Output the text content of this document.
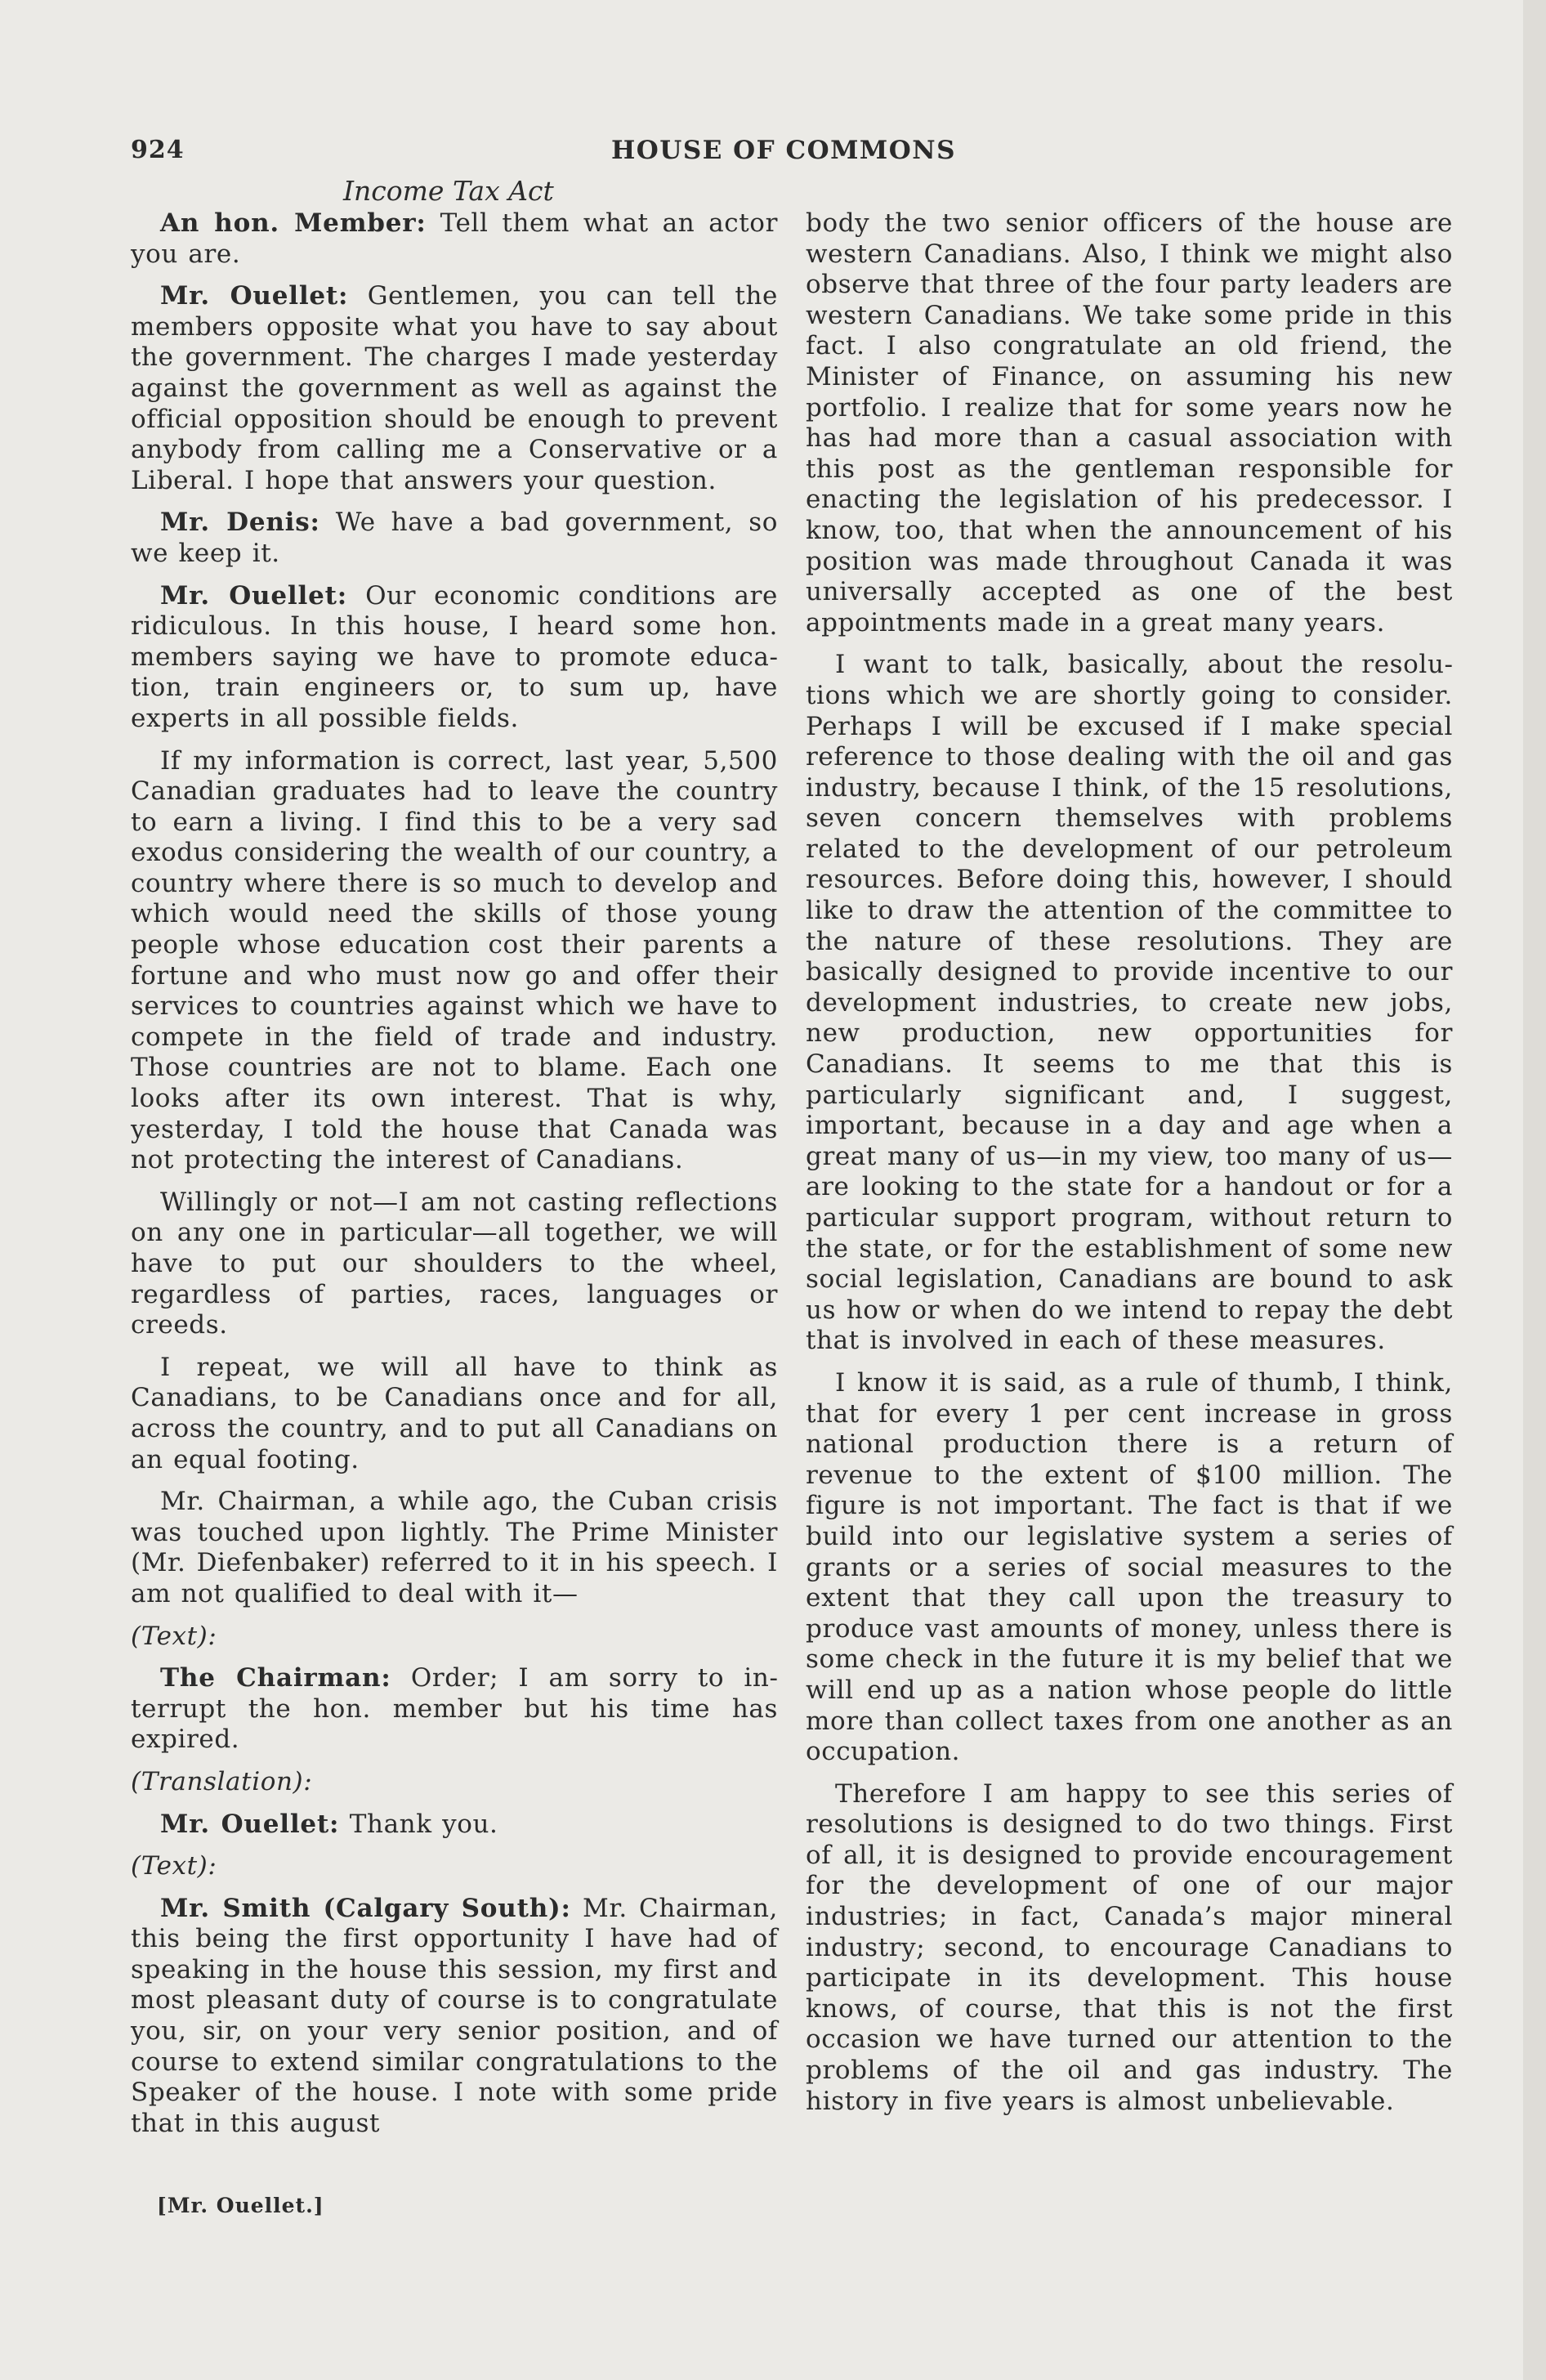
924	HOUSE OF COMMONS
Income Tax Act

An hon. Member: Tell them what an actor you are.

Mr. Ouellet: Gentlemen, you can tell the members opposite what you have to say about the government. The charges I made yesterday against the government as well as against the official opposition should be enough to prevent anybody from calling me a Conservative or a Liberal. I hope that answers your question.

Mr. Denis: We have a bad government, so we keep it.

Mr. Ouellet: Our economic conditions are ridiculous. In this house, I heard some hon. members saying we have to promote education, train engineers or, to sum up, have experts in all possible fields.

If my information is correct, last year, 5,500 Canadian graduates had to leave the country to earn a living. I find this to be a very sad exodus considering the wealth of our country, a country where there is so much to develop and which would need the skills of those young people whose education cost their parents a fortune and who must now go and offer their services to countries against which we have to compete in the field of trade and industry. Those countries are not to blame. Each one looks after its own interest. That is why, yesterday, I told the house that Canada was not protecting the interest of Canadians.

Willingly or not—I am not casting reflections on any one in particular—all together, we will have to put our shoulders to the wheel, regardless of parties, races, languages or creeds.

I repeat, we will all have to think as Canadians, to be Canadians once and for all, across the country, and to put all Canadians on an equal footing.

Mr. Chairman, a while ago, the Cuban crisis was touched upon lightly. The Prime Minister (Mr. Diefenbaker) referred to it in his speech. I am not qualified to deal with it—

(Text):

The Chairman: Order; I am sorry to interrupt the hon. member but his time has expired.

(Translation):

Mr. Ouellet: Thank you.

(Text):

Mr. Smith (Calgary South): Mr. Chairman, this being the first opportunity I have had of speaking in the house this session, my first and most pleasant duty of course is to congratulate you, sir, on your very senior position, and of course to extend similar congratulations to the Speaker of the house. I note with some pride that in this august

body the two senior officers of the house are western Canadians. Also, I think we might also observe that three of the four party leaders are western Canadians. We take some pride in this fact. I also congratulate an old friend, the Minister of Finance, on assuming his new portfolio. I realize that for some years now he has had more than a casual association with this post as the gentleman responsible for enacting the legislation of his predecessor. I know, too, that when the announcement of his position was made throughout Canada it was universally accepted as one of the best appointments made in a great many years.

I want to talk, basically, about the resolutions which we are shortly going to consider. Perhaps I will be excused if I make special reference to those dealing with the oil and gas industry, because I think, of the 15 resolutions, seven concern themselves with problems related to the development of our petroleum resources. Before doing this, however, I should like to draw the attention of the committee to the nature of these resolutions. They are basically designed to provide incentive to our development industries, to create new jobs, new production, new opportunities for Canadians. It seems to me that this is particularly significant and, I suggest, important, because in a day and age when a great many of us—in my view, too many of us—are looking to the state for a handout or for a particular support program, without return to the state, or for the establishment of some new social legislation, Canadians are bound to ask us how or when do we intend to repay the debt that is involved in each of these measures.

I know it is said, as a rule of thumb, I think, that for every 1 per cent increase in gross national production there is a return of revenue to the extent of $100 million. The figure is not important. The fact is that if we build into our legislative system a series of grants or a series of social measures to the extent that they call upon the treasury to produce vast amounts of money, unless there is some check in the future it is my belief that we will end up as a nation whose people do little more than collect taxes from one another as an occupation.

Therefore I am happy to see this series of resolutions is designed to do two things. First of all, it is designed to provide encouragement for the development of one of our major industries; in fact, Canada’s major mineral industry; second, to encourage Canadians to participate in its development. This house knows, of course, that this is not the first occasion we have turned our attention to the problems of the oil and gas industry. The history in five years is almost unbelievable.

[Mr. Ouellet.]
